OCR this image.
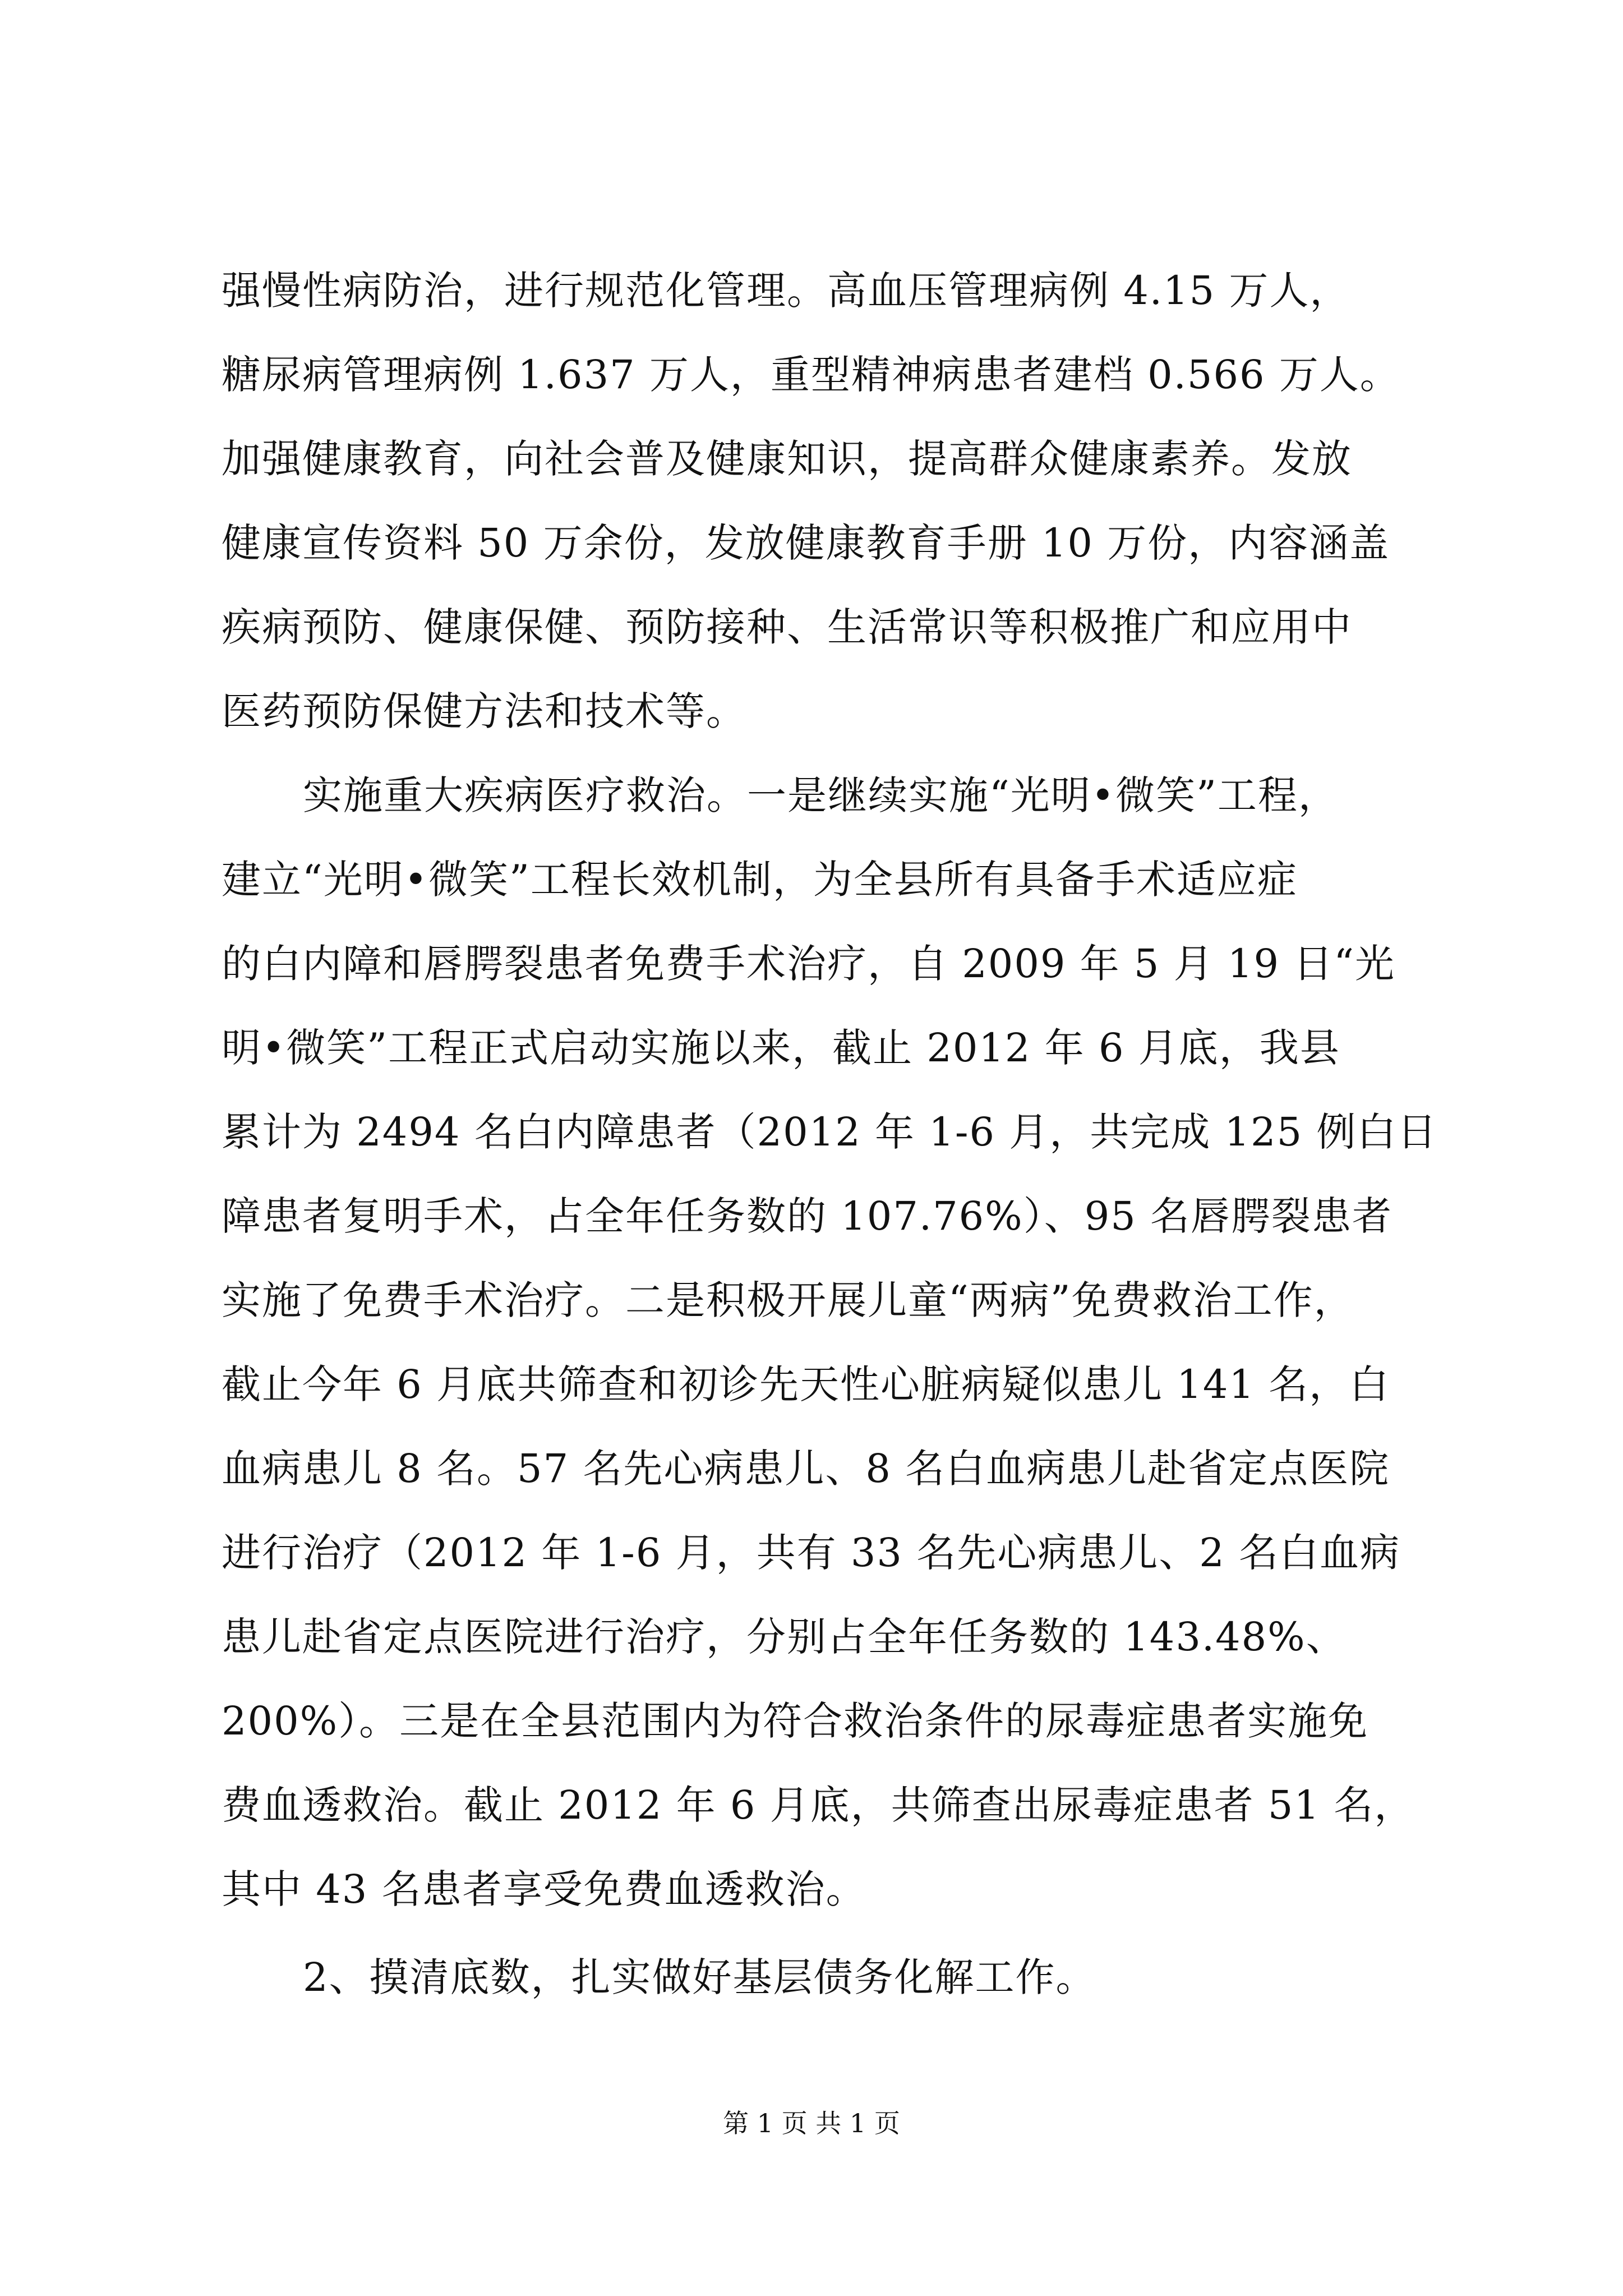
强慢性病防治，进行规范化管理。高血压管理病例 4.15 万人，
糖尿病管理病例 1.637 万人，重型精神病患者建档 0.566 万人。
加强健康教育，向社会普及健康知识，提高群众健康素养。发放
健康宣传资料 50 万余份，发放健康教育手册 10 万份，内容涵盖
疾病预防、健康保健、预防接种、生活常识等积极推广和应用中
医药预防保健方法和技术等。
实施重大疾病医疗救治。一是继续实施“光明•微笑”工程，
建立“光明•微笑”工程长效机制，为全县所有具备手术适应症
的白内障和唇腭裂患者免费手术治疗，自 2009 年 5 月 19 日“光
明•微笑”工程正式启动实施以来，截止 2012 年 6 月底，我县
累计为 2494 名白内障患者（2012 年 1-6 月，共完成 125 例白日
障患者复明手术，占全年任务数的 107.76%）、95 名唇腭裂患者
实施了免费手术治疗。二是积极开展儿童“两病”免费救治工作，
截止今年 6 月底共筛查和初诊先天性心脏病疑似患儿 141 名，白
血病患儿 8 名。57 名先心病患儿、8 名白血病患儿赴省定点医院
进行治疗（2012 年 1-6 月，共有 33 名先心病患儿、2 名白血病
患儿赴省定点医院进行治疗，分别占全年任务数的 143.48%、
200%）。三是在全县范围内为符合救治条件的尿毒症患者实施免
费血透救治。截止 2012 年 6 月底，共筛查出尿毒症患者 51 名，
其中 43 名患者享受免费血透救治。
2、摸清底数，扎实做好基层债务化解工作。
第 1 页 共 1 页
